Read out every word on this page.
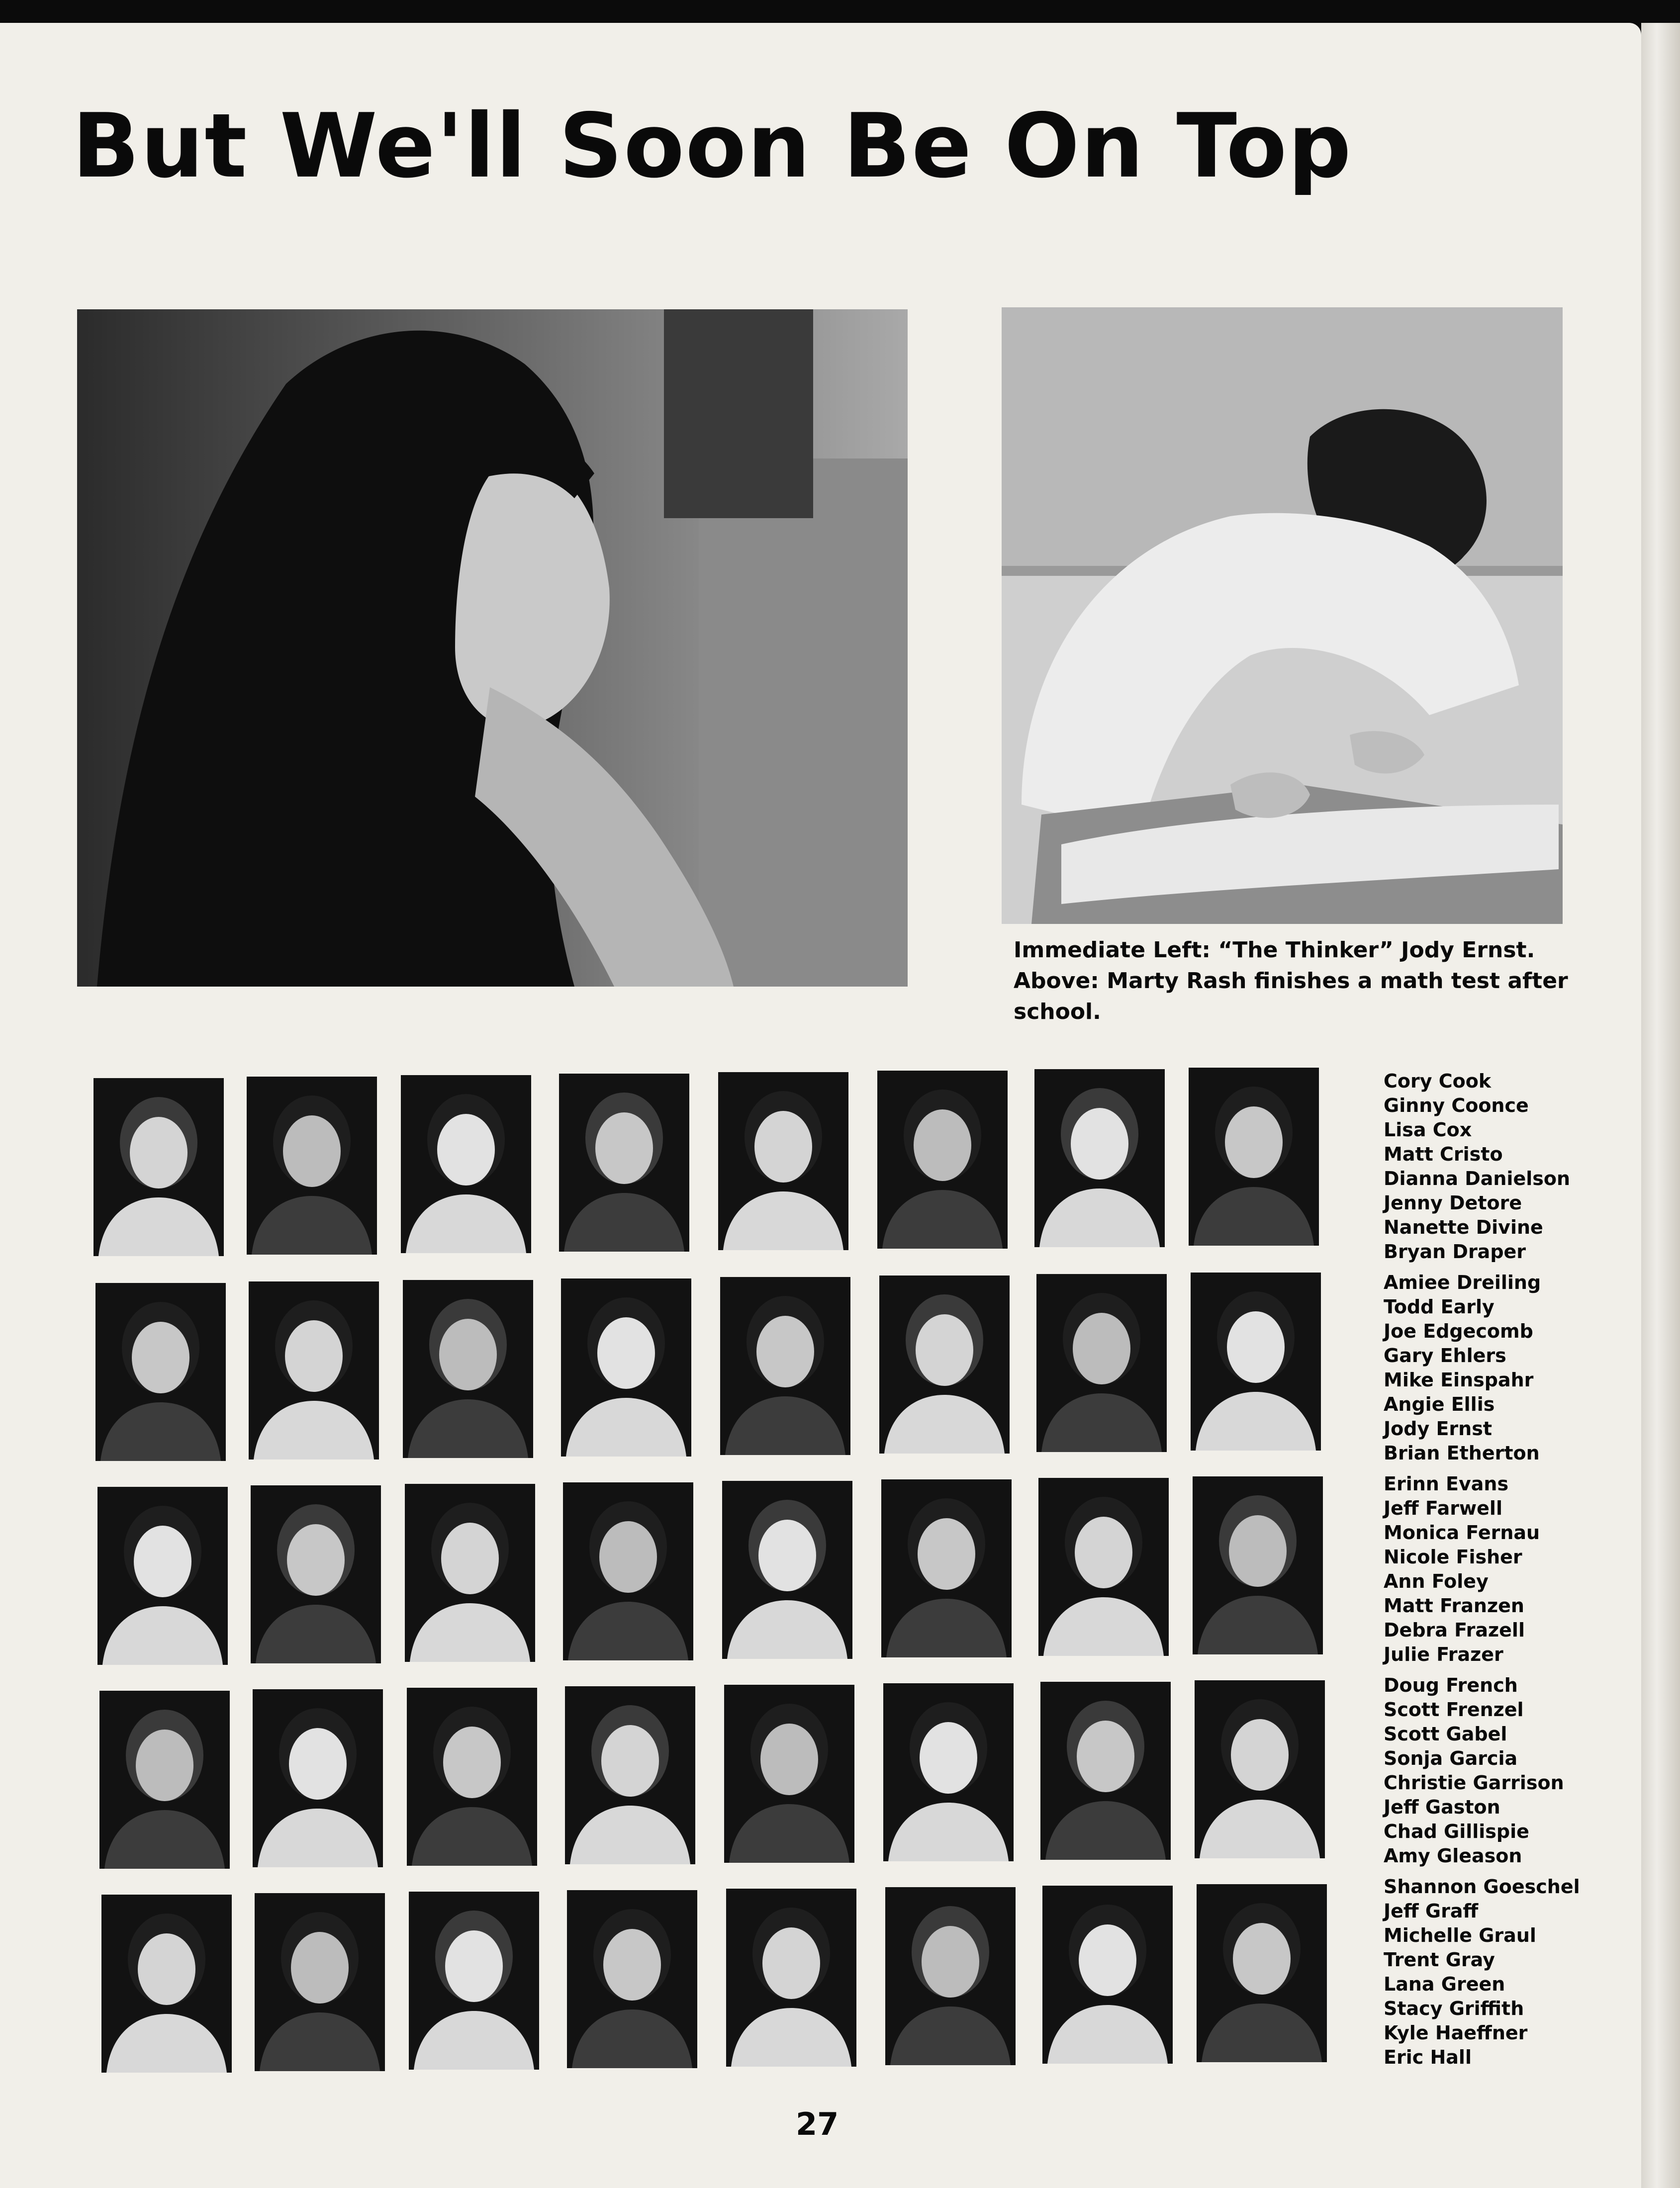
But We'll Soon Be On Top
Immediate Left: “The Thinker” Jody Ernst.
Above: Marty Rash finishes a math test after
school.
Cory Cook
Ginny Coonce
Lisa Cox
Matt Cristo
Dianna Danielson
Jenny Detore
Nanette Divine
Bryan Draper
Amiee Dreiling
Todd Early
Joe Edgecomb
Gary Ehlers
Mike Einspahr
Angie Ellis
Jody Ernst
Brian Etherton
Erinn Evans
Jeff Farwell
Monica Fernau
Nicole Fisher
Ann Foley
Matt Franzen
Debra Frazell
Julie Frazer
Doug French
Scott Frenzel
Scott Gabel
Sonja Garcia
Christie Garrison
Jeff Gaston
Chad Gillispie
Amy Gleason
Shannon Goeschel
Jeff Graff
Michelle Graul
Trent Gray
Lana Green
Stacy Griffith
Kyle Haeffner
Eric Hall
27
